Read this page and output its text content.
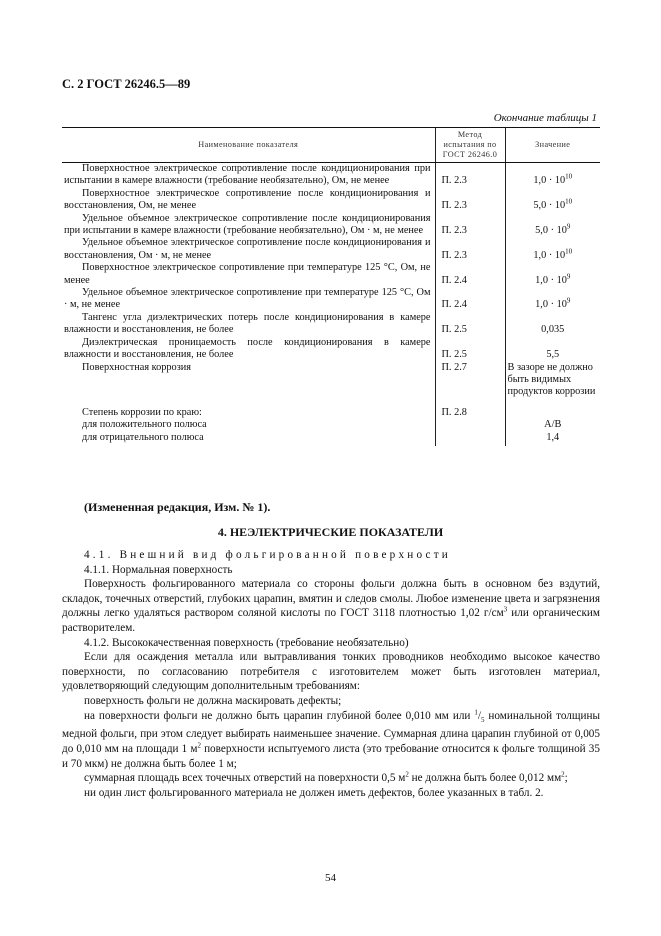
С. 2 ГОСТ 26246.5—89
Окончание таблицы 1
Наименование показателя	Метод
испытания по
ГОСТ 26246.0	Значение
Поверхностное электрическое сопротивление после кондиционирования при испытании в камере влажности (требование необязательно), Ом, не менее	П. 2.3	$1,0 \cdot 10^{10}$
Поверхностное электрическое сопротивление после кондиционирования и восстановления, Ом, не менее	П. 2.3	$5,0 \cdot 10^{10}$
Удельное объемное электрическое сопротивление после кондиционирования при испытании в камере влажности (требование необязательно), Ом · м, не менее	П. 2.3	$5,0 \cdot 10^9$
Удельное объемное электрическое сопротивление после кондиционирования и восстановления, Ом · м, не менее	П. 2.3	$1,0 \cdot 10^{10}$
Поверхностное электрическое сопротивление при температуре 125 °С, Ом, не менее	П. 2.4	$1,0 \cdot 10^9$
Удельное объемное электрическое сопротивление при температуре 125 °С, Ом · м, не менее	П. 2.4	$1,0 \cdot 10^9$
Тангенс угла диэлектрических потерь после кондиционирования в камере влажности и восстановления, не более	П. 2.5	0,035
Диэлектрическая проницаемость после кондиционирования в камере влажности и восстановления, не более	П. 2.5	5,5
Поверхностная коррозия	П. 2.7	В зазоре не должно быть видимых продуктов коррозии
Степень коррозии по краю:	П. 2.8	
для положительного полюса		А/В
для отрицательного полюса		1,4
(Измененная редакция, Изм. № 1).
4. НЕЭЛЕКТРИЧЕСКИЕ ПОКАЗАТЕЛИ

4.1. Внешний вид фольгированной поверхности

4.1.1. Нормальная поверхность

Поверхность фольгированного материала со стороны фольги должна быть в основном без вздутий, складок, точечных отверстий, глубоких царапин, вмятин и следов смолы. Любое изменение цвета и загрязнения должны легко удаляться раствором соляной кислоты по ГОСТ 3118 плотностью 1,02 $г/см^3$ или органическим растворителем.

4.1.2. Высококачественная поверхность (требование необязательно)

Если для осаждения металла или вытравливания тонких проводников необходимо высокое качество поверхности, по согласованию потребителя с изготовителем может быть изготовлен материал, удовлетворяющий следующим дополнительным требованиям:

поверхность фольги не должна маскировать дефекты;

на поверхности фольги не должно быть царапин глубиной более 0,010 мм или $^1/_5$ номинальной толщины медной фольги, при этом следует выбирать наименьшее значение. Суммарная длина царапин глубиной от 0,005 до 0,010 мм на площади 1 $м^2$ поверхности испытуемого листа (это требование относится к фольге толщиной 35 и 70 мкм) не должна быть более 1 м;

суммарная площадь всех точечных отверстий на поверхности 0,5 $м^2$ не должна быть более 0,012 $мм^2$;

ни один лист фольгированного материала не должен иметь дефектов, более указанных в табл. 2.

54
